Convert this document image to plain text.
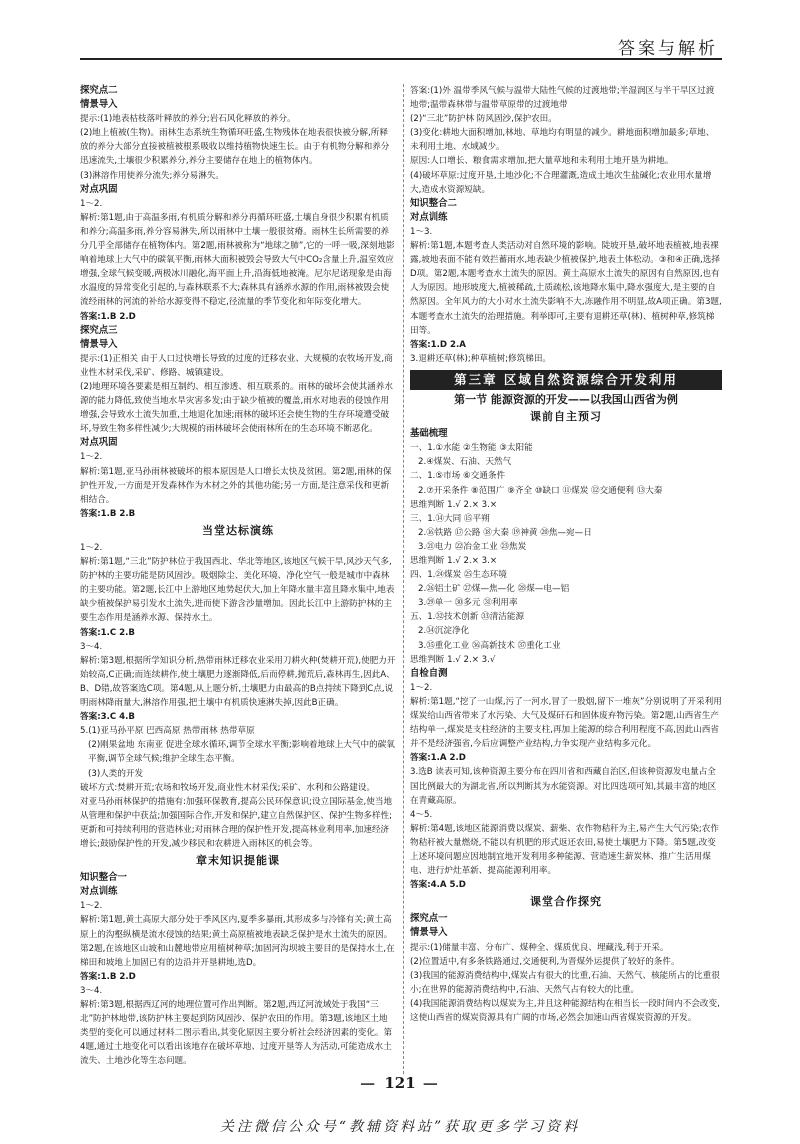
答案与解析
探究点二
情景导入
提示:(1)地表枯枝落叶释放的养分;岩石风化释放的养分。
(2)地上植被(生物)。雨林生态系统生物循环旺盛,生物残体在地表很快被分解,所释放的养分大部分直接被植被根系吸收以维持植物快速生长。由于有机物分解和养分迅速流失,土壤很少积累养分,养分主要储存在地上的植物体内。
(3)淋溶作用使养分流失;养分易淋失。
对点巩固
1～2.
解析:第1题,由于高温多雨,有机质分解和养分再循环旺盛,土壤自身很少积累有机质和养分;高温多雨,养分容易淋失,所以雨林中土壤一般很贫瘠。雨林生长所需要的养分几乎全部储存在植物体内。第2题,雨林被称为“地球之肺”,它的一呼一吸,深刻地影响着地球上大气中的碳氧平衡,雨林大面积被毁会导致大气中CO₂含量上升,温室效应增强,全球气候变暖,两极冰川融化,海平面上升,沿海低地被淹。尼尔尼诺现象是由海水温度的异常变化引起的,与森林联系不大;森林具有涵养水源的作用,雨林被毁会使流经雨林的河流的补给水源变得不稳定,径流量的季节变化和年际变化增大。
答案:1.B 2.D
探究点三
情景导入
提示:(1)正相关 由于人口过快增长导致的过度的迁移农业、大规模的农牧场开发,商业性木材采伐,采矿、修路、城镇建设。
(2)地理环境各要素是相互制约、相互渗透、相互联系的。雨林的破坏会使其涵养水源的能力降低,致使当地水旱灾害多发;由于缺少植被的覆盖,雨水对地表的侵蚀作用增强,会导致水土流失加重,土地退化加速;雨林的破坏还会使生物的生存环境遭受破坏,导致生物多样性减少;大规模的雨林破坏会使雨林所在的生态环境不断恶化。
对点巩固
1～2.
解析:第1题,亚马孙雨林被破坏的根本原因是人口增长太快及贫困。第2题,雨林的保护性开发,一方面是开发森林作为木材之外的其他功能;另一方面,是注意采伐和更新相结合。
答案:1.B 2.B
当堂达标演练
1～2.
解析:第1题,“三北”防护林位于我国西北、华北等地区,该地区气候干旱,风沙天气多,防护林的主要功能是防风固沙。吸烟除尘、美化环境、净化空气一般是城市中森林的主要功能。第2题,长江中上游地区地势起伏大,加上年降水量丰富且降水集中,地表缺少植被保护易引发水土流失,进而使下游含沙量增加。因此长江中上游防护林的主要生态作用是涵养水源、保持水土。
答案:1.C 2.B
3～4.
解析:第3题,根据所学知识分析,热带雨林迁移农业采用刀耕火种(焚耕开荒),使肥力开始较高,C正确;而连续耕作,使土壤肥力逐渐降低,后而停耕,抛荒后,森林再生,因此A、B、D错,故答案选C项。第4题,从上题分析,土壤肥力由最高的B点持续下降到C点,说明雨林降雨量大,淋溶作用强,把土壤中有机质快速淋失掉,因此B正确。
答案:3.C 4.B
5.(1)亚马孙平原 巴西高原 热带雨林 热带草原
(2)刚果盆地 东南亚 促进全球水循环,调节全球水平衡;影响着地球上大气中的碳氧平衡,调节全球气候;维护全球生态平衡。
(3)人类的开发
破坏方式:焚耕开荒;农场和牧场开发,商业性木材采伐;采矿、水利和公路建设。
对亚马孙雨林保护的措施有:加强环保教育,提高公民环保意识;设立国际基金,使当地从管理和保护中获益;加强国际合作,开发和保护,建立自然保护区、保护生物多样性;更新和可持续利用的营造林业;对雨林合理的保护性开发,提高林业利用率,加速经济增长;鼓励保护性的开发,减少移民和农耕进入雨林区的机会等。
章末知识提能课
知识整合一
对点训练
1～2.
解析:第1题,黄土高原大部分处于季风区内,夏季多暴雨,其形成多与冷锋有关;黄土高原上的沟壑纵横是流水侵蚀的结果;黄土高原植被地表缺乏保护是水土流失的原因。第2题,在该地区山坡和山麓地带应用植树种草;加固河沟坝坡主要目的是保持水土,在梯田和坡地上加固已有的边沿并开垦耕地,选D。
答案:1.B 2.D
3～4.
解析:第3题,根据西辽河的地理位置可作出判断。第2题,西辽河流域处于我国“三北”防护林地带,该防护林主要起到防风固沙、保护农田的作用。第3题,该地区土地类型的变化可以通过材料二图示看出,其变化原因主要分析社会经济因素的变化。第4题,通过土地变化可以看出该地存在破坏草地、过度开垦等人为活动,可能造成水土流失、土地沙化等生态问题。
答案:(1)外 温带季风气候与温带大陆性气候的过渡地带;半湿润区与半干旱区过渡地带;温带森林带与温带草原带的过渡地带
(2)“三北”防护林 防风固沙,保护农田。
(3)变化:耕地大面积增加,林地、草地均有明显的减少。耕地面积增加最多;草地、未利用土地、水域减少。
原因:人口增长、粮食需求增加,把大量草地和未利用土地开垦为耕地。
(4)破坏草原:过度开垦,土地沙化;不合理灌溉,造成土地次生盐碱化;农业用水量增大,造成水资源短缺。
知识整合二
对点训练
1～3.
解析:第1题,本题考查人类活动对自然环境的影响。陡坡开垦,破坏地表植被,地表裸露,坡地表面不能有效拦蓄雨水,地表缺少植被保护,地表土体松动。③和④正确,选择D项。第2题,本题考查水土流失的原因。黄土高原水土流失的原因有自然原因,也有人为原因。地形坡度大,植被稀疏,土质疏松,该地降水集中,降水强度大,是主要的自然原因。全年风力的大小对水土流失影响不大,冻融作用不明显,故A项正确。第3题,本题考查水土流失的治理措施。利举即可,主要有退耕还草(林)、植树种草,修筑梯田等。
答案:1.D 2.A
3.退耕还草(林);种草植树;修筑梯田。
第三章 区域自然资源综合开发利用
第一节 能源资源的开发——以我国山西省为例
课前自主预习
基础梳理
一、1.①水能 ②生物能 ③太阳能
2.④煤炭、石油、天然气
二、1.⑤市场 ⑥交通条件
2.⑦开采条件 ⑧范围广 ⑨齐全 ⑩缺口 ⑪煤炭 ⑫交通便利 ⑬大秦
思维判断 1.√ 2.× 3.×
三、1.⑭大同 ⑮平朔
2.⑯铁路 ⑰公路 ⑱大秦 ⑲神黄 ⑳焦—宛—日
3.㉑电力 ㉒冶金工业 ㉓焦炭
思维判断 1.√ 2.× 3.×
四、1.㉔煤炭 ㉕生态环境
2.㉖铝土矿 ㉗煤—焦—化 ㉘煤—电—铝
3.㉙单一 ㉚多元 ㉛利用率
五、1.㉜技术创新 ㉝清洁能源
2.㉞沉淀净化
3.㉟重化工业 ㊱高新技术 ㊲重化工业
思维判断 1.√ 2.× 3.√
自检自测
1～2.
解析:第1题,“挖了一山煤,污了一河水,冒了一股烟,留下一堆灰”分别说明了开采利用煤炭给山西省带来了水污染、大气及煤矸石和固体废弃物污染。第2题,山西省生产结构单一,煤炭是支柱经济的主要支柱,再加上能源的综合利用程度不高,因此山西省并不是经济强省,今后应调整产业结构,力争实现产业结构多元化。
答案:1.A 2.D
3.选B 读表可知,该种资源主要分布在四川省和西藏自治区,但该种资源发电量占全国比例最大的为湖北省,所以判断其为水能资源。对比四选项可知,其最丰富的地区在青藏高原。
4～5.
解析:第4题,该地区能源消费以煤炭、薪柴、农作物秸秆为主,易产生大气污染;农作物秸秆被大量燃烧,不能以有机肥的形式返还农田,易使土壤肥力下降。第5题,改变上述环境问题应因地制宜地开发利用多种能源、营造速生薪炭林、推广生活用煤电、进行炉灶革新、提高能源利用率。
答案:4.A 5.D
课堂合作探究
探究点一
情景导入
提示:(1)储量丰富、分布广、煤种全、煤质优良、埋藏浅,利于开采。
(2)位置适中,有多条铁路通过,交通便利,为晋煤外运提供了较好的条件。
(3)我国的能源消费结构中,煤炭占有很大的比重,石油、天然气、核能所占的比重很小;在世界的能源消费结构中,石油、天然气占有较大的比重。
(4)我国能源消费结构以煤炭为主,并且这种能源结构在相当长一段时间内不会改变,这使山西省的煤炭资源具有广阔的市场,必然会加速山西省煤炭资源的开发。
— 121 —
关注微信公众号“教辅资料站”获取更多学习资料
